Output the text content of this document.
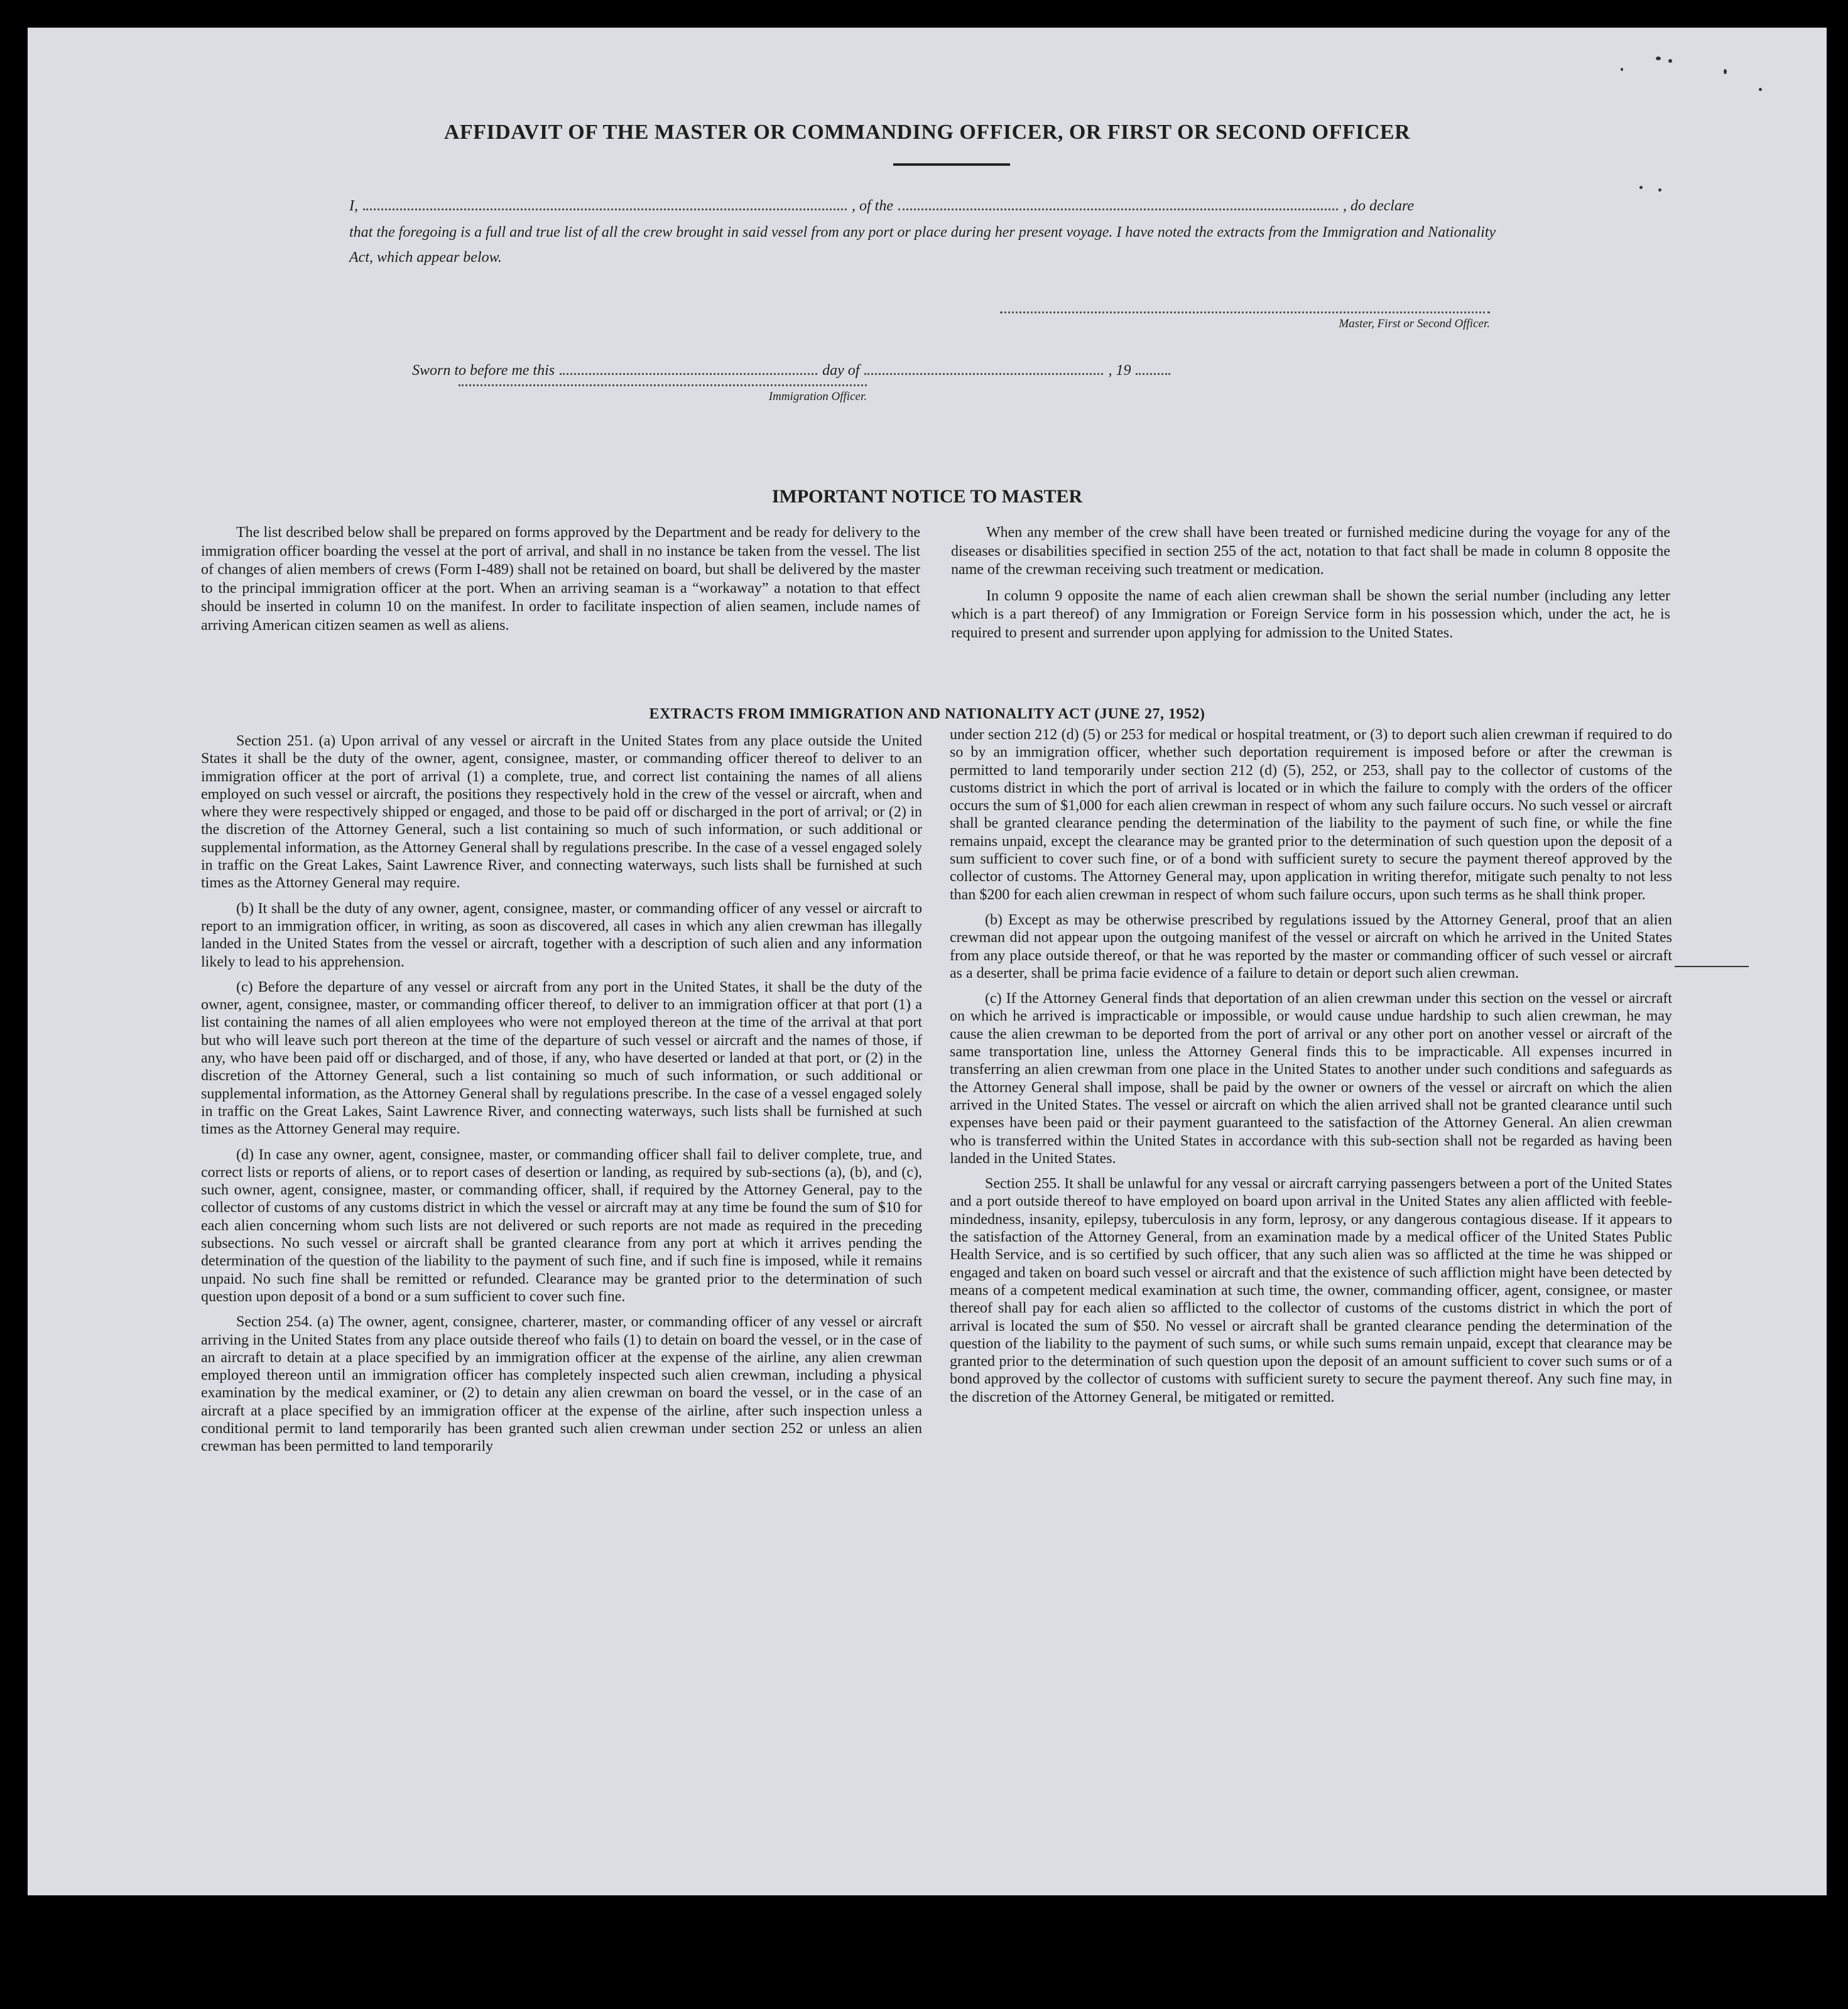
AFFIDAVIT OF THE MASTER OR COMMANDING OFFICER, OR FIRST OR SECOND OFFICER
I,	, of the	, do declare

that the foregoing is a full and true list of all the crew brought in said vessel from any port or place during her present voyage. I have noted the extracts from the Immigration and Nationality Act, which appear below.

Master, First or Second Officer.
Sworn to before me this	day of	, 19
Immigration Officer.
IMPORTANT NOTICE TO MASTER

The list described below shall be prepared on forms approved by the Department and be ready for delivery to the immigration officer boarding the vessel at the port of arrival, and shall in no instance be taken from the vessel. The list of changes of alien members of crews (Form I-489) shall not be retained on board, but shall be delivered by the master to the principal immigration officer at the port. When an arriving seaman is a “workaway” a notation to that effect should be inserted in column 10 on the manifest. In order to facilitate inspection of alien seamen, include names of arriving American citizen seamen as well as aliens.

When any member of the crew shall have been treated or furnished medicine during the voyage for any of the diseases or disabilities specified in section 255 of the act, notation to that fact shall be made in column 8 opposite the name of the crewman receiving such treatment or medication.

In column 9 opposite the name of each alien crewman shall be shown the serial number (including any letter which is a part thereof) of any Immigration or Foreign Service form in his possession which, under the act, he is required to present and surrender upon applying for admission to the United States.

EXTRACTS FROM IMMIGRATION AND NATIONALITY ACT (JUNE 27, 1952)

Section 251. (a) Upon arrival of any vessel or aircraft in the United States from any place outside the United States it shall be the duty of the owner, agent, consignee, master, or commanding officer thereof to deliver to an immigration officer at the port of arrival (1) a complete, true, and correct list containing the names of all aliens employed on such vessel or aircraft, the positions they respectively hold in the crew of the vessel or aircraft, when and where they were respectively shipped or engaged, and those to be paid off or discharged in the port of arrival; or (2) in the discretion of the Attorney General, such a list containing so much of such information, or such additional or supplemental information, as the Attorney General shall by regulations prescribe. In the case of a vessel engaged solely in traffic on the Great Lakes, Saint Lawrence River, and connecting waterways, such lists shall be furnished at such times as the Attorney General may require.

(b) It shall be the duty of any owner, agent, consignee, master, or commanding officer of any vessel or aircraft to report to an immigration officer, in writing, as soon as discovered, all cases in which any alien crewman has illegally landed in the United States from the vessel or aircraft, together with a description of such alien and any information likely to lead to his apprehension.

(c) Before the departure of any vessel or aircraft from any port in the United States, it shall be the duty of the owner, agent, consignee, master, or commanding officer thereof, to deliver to an immigration officer at that port (1) a list containing the names of all alien employees who were not employed thereon at the time of the arrival at that port but who will leave such port thereon at the time of the departure of such vessel or aircraft and the names of those, if any, who have been paid off or discharged, and of those, if any, who have deserted or landed at that port, or (2) in the discretion of the Attorney General, such a list containing so much of such information, or such additional or supplemental information, as the Attorney General shall by regulations prescribe. In the case of a vessel engaged solely in traffic on the Great Lakes, Saint Lawrence River, and connecting waterways, such lists shall be furnished at such times as the Attorney General may require.

(d) In case any owner, agent, consignee, master, or commanding officer shall fail to deliver complete, true, and correct lists or reports of aliens, or to report cases of desertion or landing, as required by sub-sections (a), (b), and (c), such owner, agent, consignee, master, or commanding officer, shall, if required by the Attorney General, pay to the collector of customs of any customs district in which the vessel or aircraft may at any time be found the sum of $10 for each alien concerning whom such lists are not delivered or such reports are not made as required in the preceding subsections. No such vessel or aircraft shall be granted clearance from any port at which it arrives pending the determination of the question of the liability to the payment of such fine, and if such fine is imposed, while it remains unpaid. No such fine shall be remitted or refunded. Clearance may be granted prior to the determination of such question upon deposit of a bond or a sum sufficient to cover such fine.

Section 254. (a) The owner, agent, consignee, charterer, master, or commanding officer of any vessel or aircraft arriving in the United States from any place outside thereof who fails (1) to detain on board the vessel, or in the case of an aircraft to detain at a place specified by an immigration officer at the expense of the airline, any alien crewman employed thereon until an immigration officer has completely inspected such alien crewman, including a physical examination by the medical examiner, or (2) to detain any alien crewman on board the vessel, or in the case of an aircraft at a place specified by an immigration officer at the expense of the airline, after such inspection unless a conditional permit to land temporarily has been granted such alien crewman under section 252 or unless an alien crewman has been permitted to land temporarily

under section 212 (d) (5) or 253 for medical or hospital treatment, or (3) to deport such alien crewman if required to do so by an immigration officer, whether such deportation requirement is imposed before or after the crewman is permitted to land temporarily under section 212 (d) (5), 252, or 253, shall pay to the collector of customs of the customs district in which the port of arrival is located or in which the failure to comply with the orders of the officer occurs the sum of $1,000 for each alien crewman in respect of whom any such failure occurs. No such vessel or aircraft shall be granted clearance pending the determination of the liability to the payment of such fine, or while the fine remains unpaid, except the clearance may be granted prior to the determination of such question upon the deposit of a sum sufficient to cover such fine, or of a bond with sufficient surety to secure the payment thereof approved by the collector of customs. The Attorney General may, upon application in writing therefor, mitigate such penalty to not less than $200 for each alien crewman in respect of whom such failure occurs, upon such terms as he shall think proper.

(b) Except as may be otherwise prescribed by regulations issued by the Attorney General, proof that an alien crewman did not appear upon the outgoing manifest of the vessel or aircraft on which he arrived in the United States from any place outside thereof, or that he was reported by the master or commanding officer of such vessel or aircraft as a deserter, shall be prima facie evidence of a failure to detain or deport such alien crewman.

(c) If the Attorney General finds that deportation of an alien crewman under this section on the vessel or aircraft on which he arrived is impracticable or impossible, or would cause undue hardship to such alien crewman, he may cause the alien crewman to be deported from the port of arrival or any other port on another vessel or aircraft of the same transportation line, unless the Attorney General finds this to be impracticable. All expenses incurred in transferring an alien crewman from one place in the United States to another under such conditions and safeguards as the Attorney General shall impose, shall be paid by the owner or owners of the vessel or aircraft on which the alien arrived in the United States. The vessel or aircraft on which the alien arrived shall not be granted clearance until such expenses have been paid or their payment guaranteed to the satisfaction of the Attorney General. An alien crewman who is transferred within the United States in accordance with this sub-section shall not be regarded as having been landed in the United States.

Section 255. It shall be unlawful for any vessal or aircraft carrying passengers between a port of the United States and a port outside thereof to have employed on board upon arrival in the United States any alien afflicted with feeble-mindedness, insanity, epilepsy, tuberculosis in any form, leprosy, or any dangerous contagious disease. If it appears to the satisfaction of the Attorney General, from an examination made by a medical officer of the United States Public Health Service, and is so certified by such officer, that any such alien was so afflicted at the time he was shipped or engaged and taken on board such vessel or aircraft and that the existence of such affliction might have been detected by means of a competent medical examination at such time, the owner, commanding officer, agent, consignee, or master thereof shall pay for each alien so afflicted to the collector of customs of the customs district in which the port of arrival is located the sum of $50. No vessel or aircraft shall be granted clearance pending the determination of the question of the liability to the payment of such sums, or while such sums remain unpaid, except that clearance may be granted prior to the determination of such question upon the deposit of an amount sufficient to cover such sums or of a bond approved by the collector of customs with sufficient surety to secure the payment thereof. Any such fine may, in the discretion of the Attorney General, be mitigated or remitted.
